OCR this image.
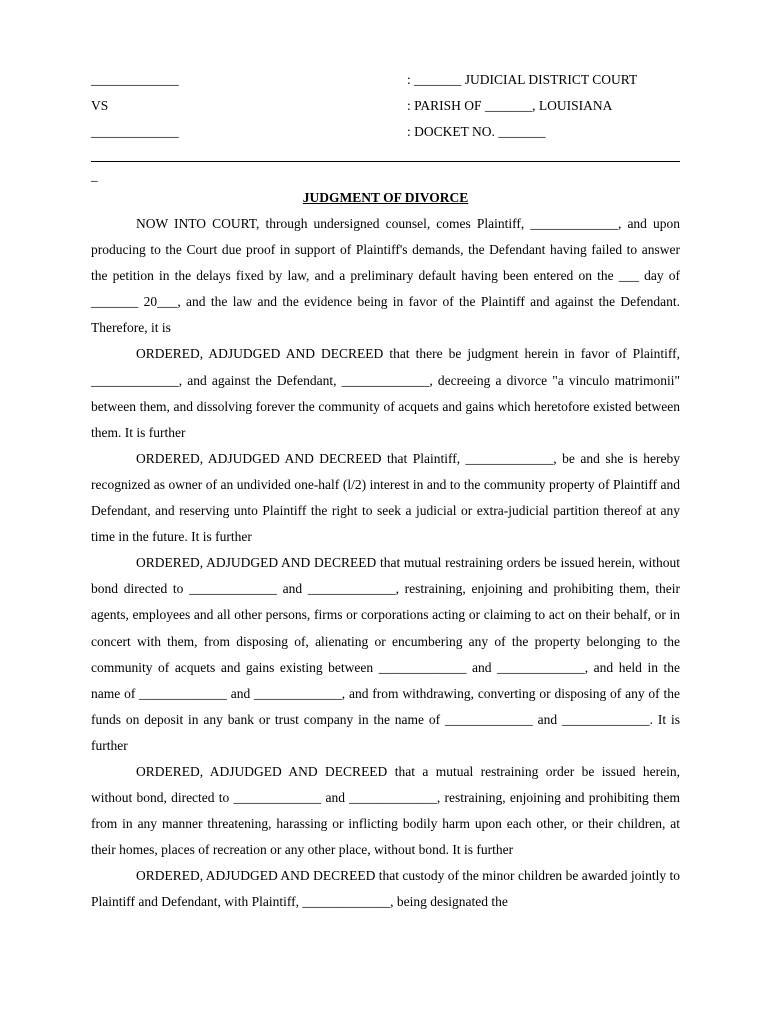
_____________
VS
_____________
: _______ JUDICIAL DISTRICT COURT
: PARISH OF _______, LOUISIANA
: DOCKET NO. _______
_
JUDGMENT OF DIVORCE

NOW INTO COURT, through undersigned counsel, comes Plaintiff, _____________, and upon producing to the Court due proof in support of Plaintiff's demands, the Defendant having failed to answer the petition in the delays fixed by law, and a preliminary default having been entered on the ___ day of _______ 20___, and the law and the evidence being in favor of the Plaintiff and against the Defendant. Therefore, it is

ORDERED, ADJUDGED AND DECREED that there be judgment herein in favor of Plaintiff, _____________, and against the Defendant, _____________, decreeing a divorce "a vinculo matrimonii" between them, and dissolving forever the community of acquets and gains which heretofore existed between them. It is further

ORDERED, ADJUDGED AND DECREED that Plaintiff, _____________, be and she is hereby recognized as owner of an undivided one-half (l/2) interest in and to the community property of Plaintiff and Defendant, and reserving unto Plaintiff the right to seek a judicial or extra-judicial partition thereof at any time in the future. It is further

ORDERED, ADJUDGED AND DECREED that mutual restraining orders be issued herein, without bond directed to _____________ and _____________, restraining, enjoining and prohibiting them, their agents, employees and all other persons, firms or corporations acting or claiming to act on their behalf, or in concert with them, from disposing of, alienating or encumbering any of the property belonging to the community of acquets and gains existing between _____________ and _____________, and held in the name of _____________ and _____________, and from withdrawing, converting or disposing of any of the funds on deposit in any bank or trust company in the name of _____________ and _____________. It is further

ORDERED, ADJUDGED AND DECREED that a mutual restraining order be issued herein, without bond, directed to _____________ and _____________, restraining, enjoining and prohibiting them from in any manner threatening, harassing or inflicting bodily harm upon each other, or their children, at their homes, places of recreation or any other place, without bond. It is further

ORDERED, ADJUDGED AND DECREED that custody of the minor children be awarded jointly to Plaintiff and Defendant, with Plaintiff, _____________, being designated the
